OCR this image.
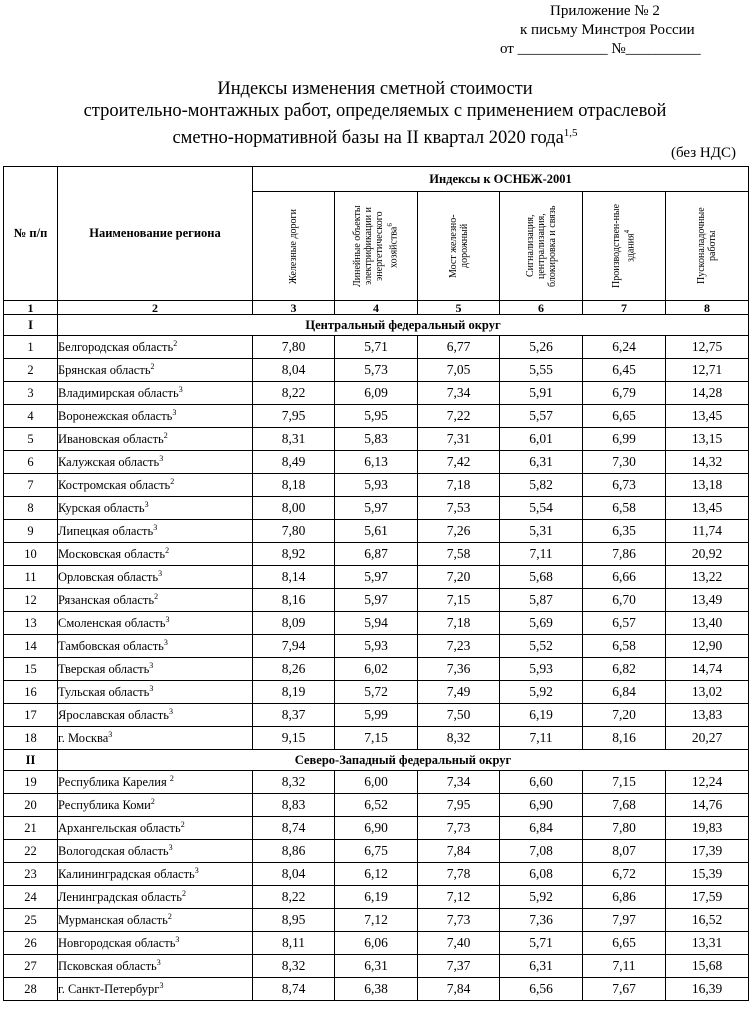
Приложение № 2
к письму Минстроя России
от ____________ №__________
Индексы изменения сметной стоимости
строительно-монтажных работ, определяемых с применением отраслевой
сметно-нормативной базы на II квартал 2020 года$^{1,5}$
(без НДС)
№ п/п	Наименование региона	Индексы к ОСНБЖ-2001					

		Железные дороги	Линейные объекты электрификации и энергетического хозяйства$^6$	Мост железно-дорожный	Сигнализация, централизация, блокировка и связь	Производствен-ные здания$^4$	Пусконаладочные работы

1	2	3	4	5	6	7	8
I	Центральный федеральный округ						
1	Белгородская область$^2$	7,80	5,71	6,77	5,26	6,24	12,75
2	Брянская область$^2$	8,04	5,73	7,05	5,55	6,45	12,71
3	Владимирская область$^3$	8,22	6,09	7,34	5,91	6,79	14,28
4	Воронежская область$^3$	7,95	5,95	7,22	5,57	6,65	13,45
5	Ивановская область$^2$	8,31	5,83	7,31	6,01	6,99	13,15
6	Калужская область$^3$	8,49	6,13	7,42	6,31	7,30	14,32
7	Костромская область$^2$	8,18	5,93	7,18	5,82	6,73	13,18
8	Курская область$^3$	8,00	5,97	7,53	5,54	6,58	13,45
9	Липецкая область$^3$	7,80	5,61	7,26	5,31	6,35	11,74
10	Московская область$^2$	8,92	6,87	7,58	7,11	7,86	20,92
11	Орловская область$^3$	8,14	5,97	7,20	5,68	6,66	13,22
12	Рязанская область$^2$	8,16	5,97	7,15	5,87	6,70	13,49
13	Смоленская область$^3$	8,09	5,94	7,18	5,69	6,57	13,40
14	Тамбовская область$^3$	7,94	5,93	7,23	5,52	6,58	12,90
15	Тверская область$^3$	8,26	6,02	7,36	5,93	6,82	14,74
16	Тульская область$^3$	8,19	5,72	7,49	5,92	6,84	13,02
17	Ярославская область$^3$	8,37	5,99	7,50	6,19	7,20	13,83
18	г. Москва$^3$	9,15	7,15	8,32	7,11	8,16	20,27
II	Северо-Западный федеральный округ						
19	Республика Карелия $^2$	8,32	6,00	7,34	6,60	7,15	12,24
20	Республика Коми$^2$	8,83	6,52	7,95	6,90	7,68	14,76
21	Архангельская область$^2$	8,74	6,90	7,73	6,84	7,80	19,83
22	Вологодская область$^3$	8,86	6,75	7,84	7,08	8,07	17,39
23	Калининградская область$^3$	8,04	6,12	7,78	6,08	6,72	15,39
24	Ленинградская область$^2$	8,22	6,19	7,12	5,92	6,86	17,59
25	Мурманская область$^2$	8,95	7,12	7,73	7,36	7,97	16,52
26	Новгородская область$^3$	8,11	6,06	7,40	5,71	6,65	13,31
27	Псковская область$^3$	8,32	6,31	7,37	6,31	7,11	15,68
28	г. Санкт-Петербург$^3$	8,74	6,38	7,84	6,56	7,67	16,39
